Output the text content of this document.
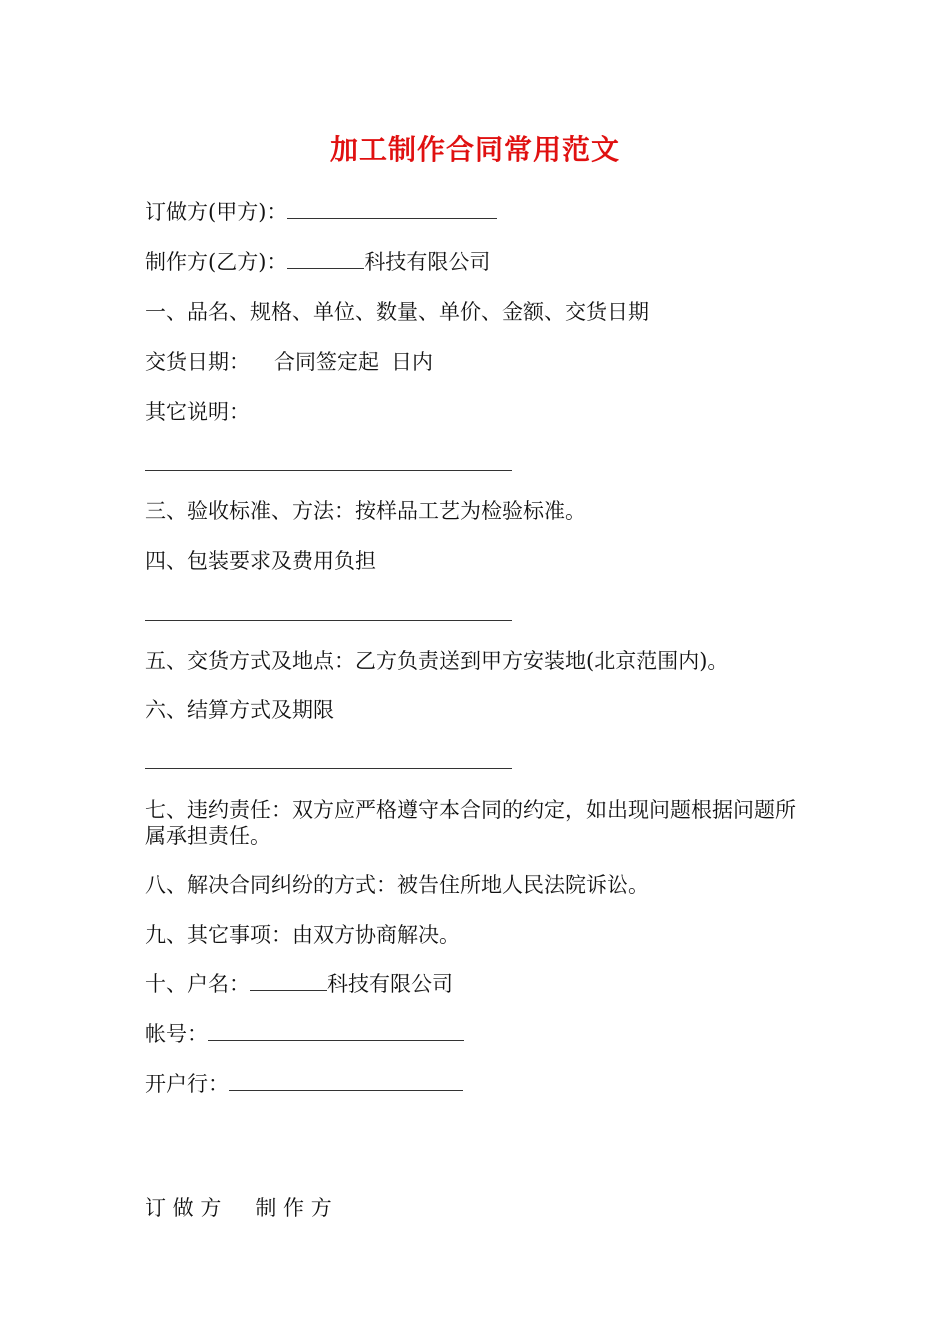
加工制作合同常用范文
订做方(甲方)：
制作方(乙方)：	科技有限公司
一、品名、规格、单位、数量、单价、金额、交货日期
交货日期： 合同签定起 日内
其它说明：
三、验收标准、方法：按样品工艺为检验标准。
四、包装要求及费用负担
五、交货方式及地点：乙方负责送到甲方安装地(北京范围内)。
六、结算方式及期限
七、违约责任：双方应严格遵守本合同的约定，如出现问题根据问题所属承担责任。
八、解决合同纠纷的方式：被告住所地人民法院诉讼。
九、其它事项：由双方协商解决。
十、户名：	科技有限公司
帐号：
开户行：
订 做 方 制 作 方
